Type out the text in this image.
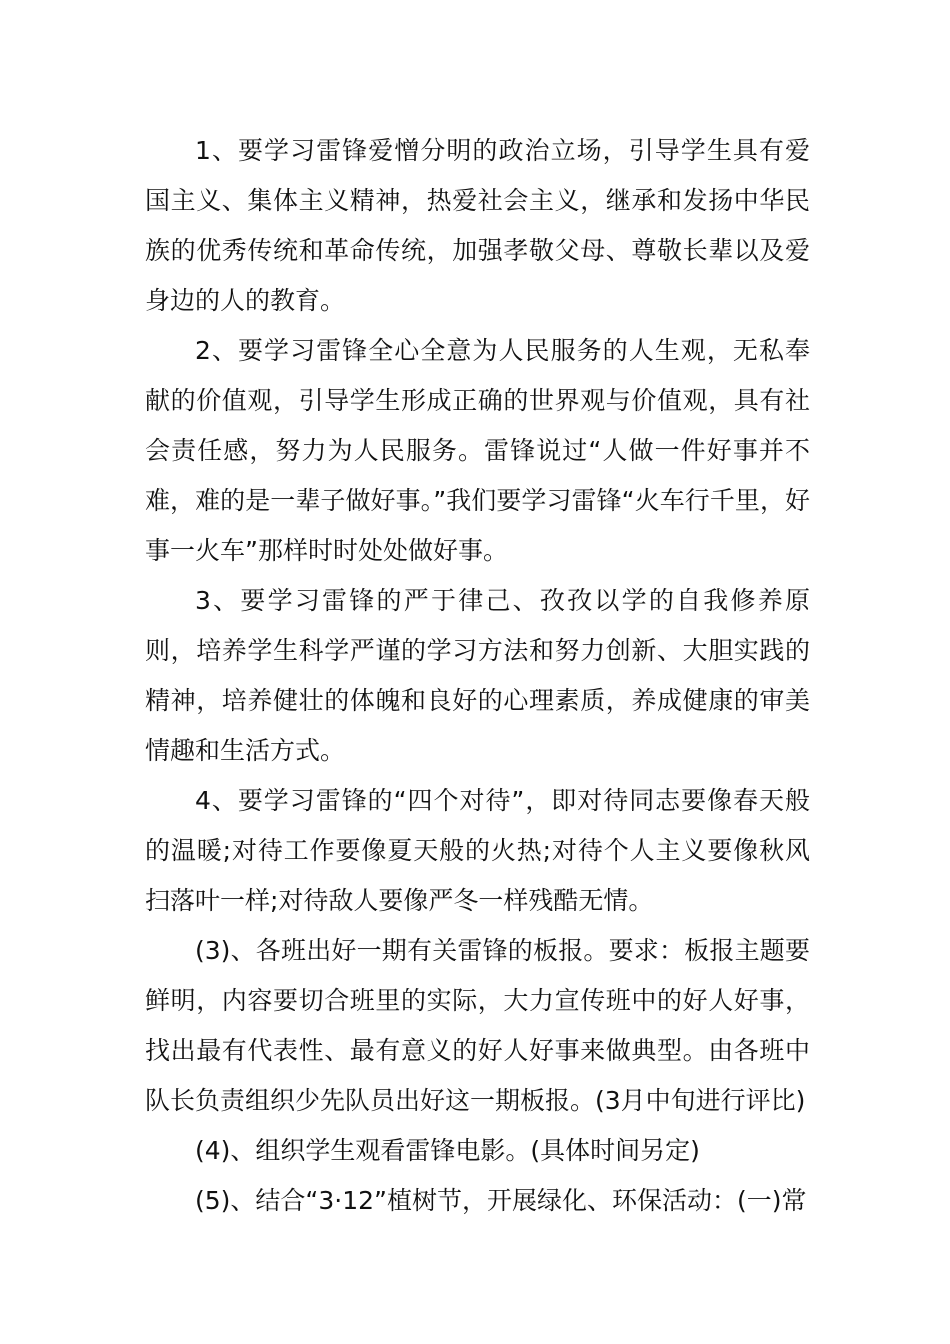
1、要学习雷锋爱憎分明的政治立场，引导学生具有爱国主义、集体主义精神，热爱社会主义，继承和发扬中华民族的优秀传统和革命传统，加强孝敬父母、尊敬长辈以及爱身边的人的教育。

2、要学习雷锋全心全意为人民服务的人生观，无私奉献的价值观，引导学生形成正确的世界观与价值观，具有社会责任感，努力为人民服务。雷锋说过“人做一件好事并不难，难的是一辈子做好事。”我们要学习雷锋“火车行千里，好事一火车”那样时时处处做好事。

3、要学习雷锋的严于律己、孜孜以学的自我修养原则，培养学生科学严谨的学习方法和努力创新、大胆实践的精神，培养健壮的体魄和良好的心理素质，养成健康的审美情趣和生活方式。

4、要学习雷锋的“四个对待”，即对待同志要像春天般的温暖;对待工作要像夏天般的火热;对待个人主义要像秋风扫落叶一样;对待敌人要像严冬一样残酷无情。

(3)、各班出好一期有关雷锋的板报。要求：板报主题要鲜明，内容要切合班里的实际，大力宣传班中的好人好事，找出最有代表性、最有意义的好人好事来做典型。由各班中队长负责组织少先队员出好这一期板报。(3月中旬进行评比)

(4)、组织学生观看雷锋电影。(具体时间另定)

(5)、结合“3·12”植树节，开展绿化、环保活动：(一)常
